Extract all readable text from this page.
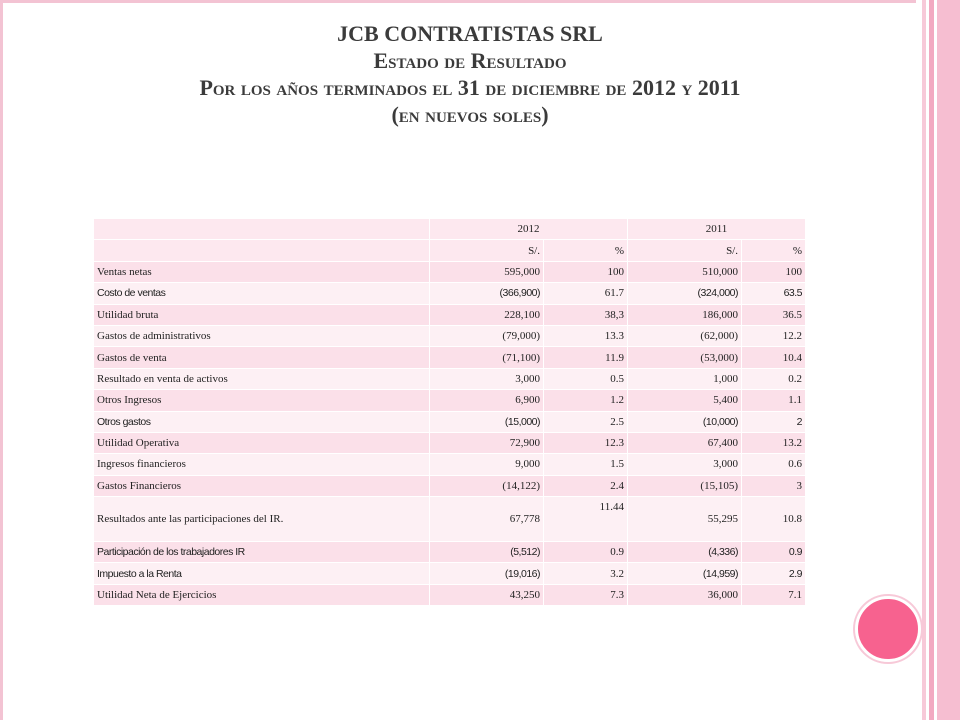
JCB CONTRATISTAS SRL
Estado de Resultado
Por los años terminados el 31 de diciembre de 2012 y 2011
(en nuevos soles)
	2012		2011	
	S/.	%	S/.	%
Ventas netas	595,000	100	510,000	100
Costo de ventas	(366,900)	61.7	(324,000)	63.5
Utilidad bruta	228,100	38,3	186,000	36.5
Gastos de administrativos	(79,000)	13.3	(62,000)	12.2
Gastos de venta	(71,100)	11.9	(53,000)	10.4
Resultado en venta de activos	3,000	0.5	1,000	0.2
Otros Ingresos	6,900	1.2	5,400	1.1
Otros gastos	(15,000)	2.5	(10,000)	2
Utilidad Operativa	72,900	12.3	67,400	13.2
Ingresos financieros	9,000	1.5	3,000	0.6
Gastos Financieros	(14,122)	2.4	(15,105)	3
Resultados ante las participaciones del IR.	67,778	11.44	55,295	10.8
Participación de los trabajadores IR	(5,512)	0.9	(4,336)	0.9
Impuesto a la Renta	(19,016)	3.2	(14,959)	2.9
Utilidad Neta de Ejercicios	43,250	7.3	36,000	7.1
